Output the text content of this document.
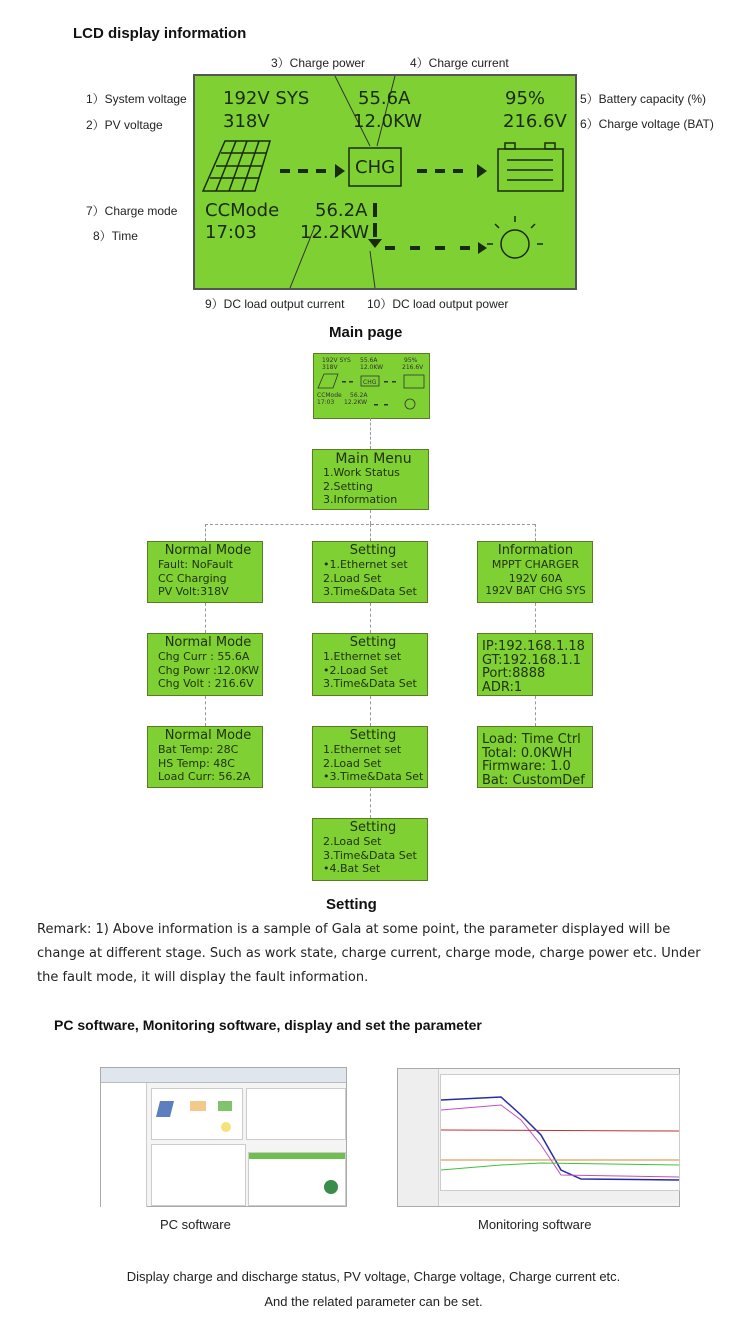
LCD display information
1）System voltage
2）PV voltage
3）Charge power	4）Charge current
5）Battery capacity (%)
6）Charge voltage (BAT)
7）Charge mode
8）Time
9）DC load output current 10）DC load output power
192V SYS
318V
55.6A
12.0KW
95%
216.6V
CHG
CCMode
17:03
56.2A
12.2KW
Main page
192V SYS
318V
55.6A
12.0KW
95%
216.6V
CHG
CCMode
17:03
56.2A
12.2KW
Main Menu
1.Work Status
2.Setting
3.Information
Normal Mode
Fault: NoFault
CC Charging
PV Volt:318V
Normal Mode
Chg Curr : 55.6A
Chg Powr :12.0KW
Chg Volt : 216.6V
Normal Mode
Bat Temp: 28C
HS Temp: 48C
Load Curr: 56.2A
Setting
•1.Ethernet set
2.Load Set
3.Time&Data Set
Setting
1.Ethernet set
•2.Load Set
3.Time&Data Set
Setting
1.Ethernet set
2.Load Set
•3.Time&Data Set
Setting
2.Load Set
3.Time&Data Set
•4.Bat Set
Information
MPPT CHARGER
192V 60A
192V BAT CHG SYS
IP:192.168.1.18
GT:192.168.1.1
Port:8888
ADR:1
Load: Time Ctrl
Total: 0.0KWH
Firmware: 1.0
Bat: CustomDef
Setting
Remark: 1) Above information is a sample of Gala at some point, the parameter displayed will be change at different stage. Such as work state, charge current, charge mode, charge power etc. Under the fault mode, it will display the fault information.
PC software, Monitoring software, display and set the parameter
PC software	Monitoring software
Display charge and discharge status, PV voltage, Charge voltage, Charge current etc.
And the related parameter can be set.
